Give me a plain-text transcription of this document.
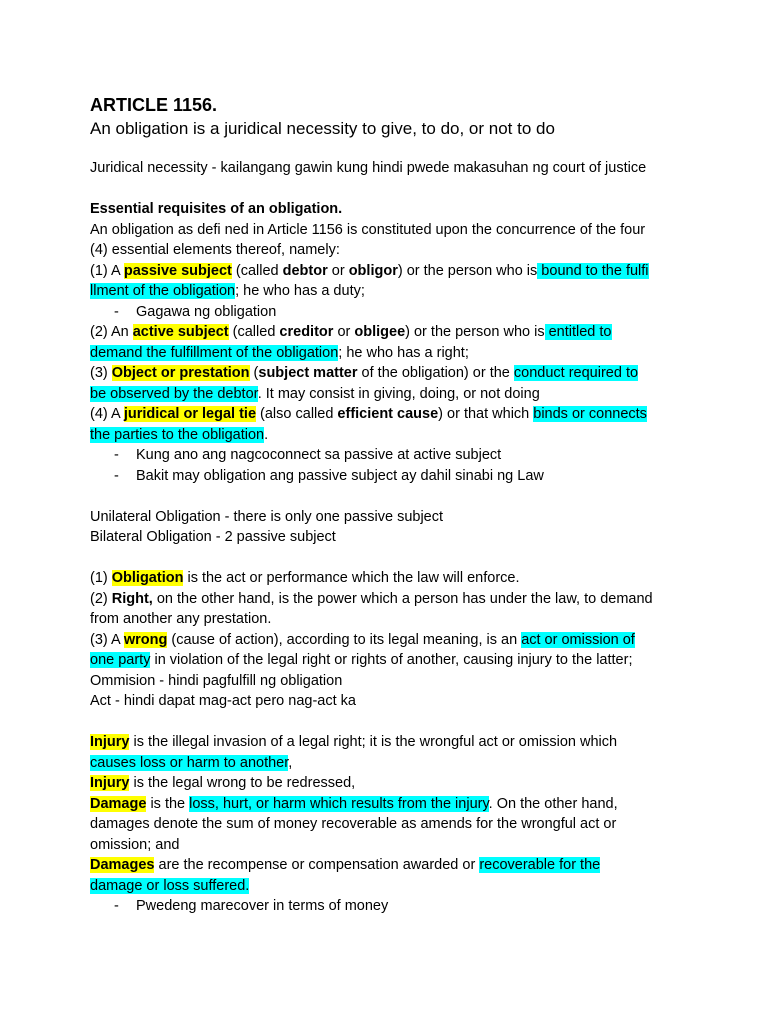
ARTICLE 1156.

An obligation is a juridical necessity to give, to do, or not to do

Juridical necessity - kailangang gawin kung hindi pwede makasuhan ng court of justice

Essential requisites of an obligation.

An obligation as defi ned in Article 1156 is constituted upon the concurrence of the four

(4) essential elements thereof, namely:

(1) A passive subject (called debtor or obligor) or the person who is bound to the fulfi

llment of the obligation; he who has a duty;

- Gagawa ng obligation

(2) An active subject (called creditor or obligee) or the person who is entitled to

demand the fulfillment of the obligation; he who has a right;

(3) Object or prestation (subject matter of the obligation) or the conduct required to

be observed by the debtor. It may consist in giving, doing, or not doing

(4) A juridical or legal tie (also called efficient cause) or that which binds or connects

the parties to the obligation.

- Kung ano ang nagcoconnect sa passive at active subject

- Bakit may obligation ang passive subject ay dahil sinabi ng Law

Unilateral Obligation - there is only one passive subject

Bilateral Obligation - 2 passive subject

(1) Obligation is the act or performance which the law will enforce.

(2) Right, on the other hand, is the power which a person has under the law, to demand

from another any prestation.

(3) A wrong (cause of action), according to its legal meaning, is an act or omission of

one party in violation of the legal right or rights of another, causing injury to the latter;

Ommision - hindi pagfulfill ng obligation

Act - hindi dapat mag-act pero nag-act ka

Injury is the illegal invasion of a legal right; it is the wrongful act or omission which

causes loss or harm to another,

Injury is the legal wrong to be redressed,

Damage is the loss, hurt, or harm which results from the injury. On the other hand,

damages denote the sum of money recoverable as amends for the wrongful act or

omission; and

Damages are the recompense or compensation awarded or recoverable for the

damage or loss suffered.

- Pwedeng marecover in terms of money
